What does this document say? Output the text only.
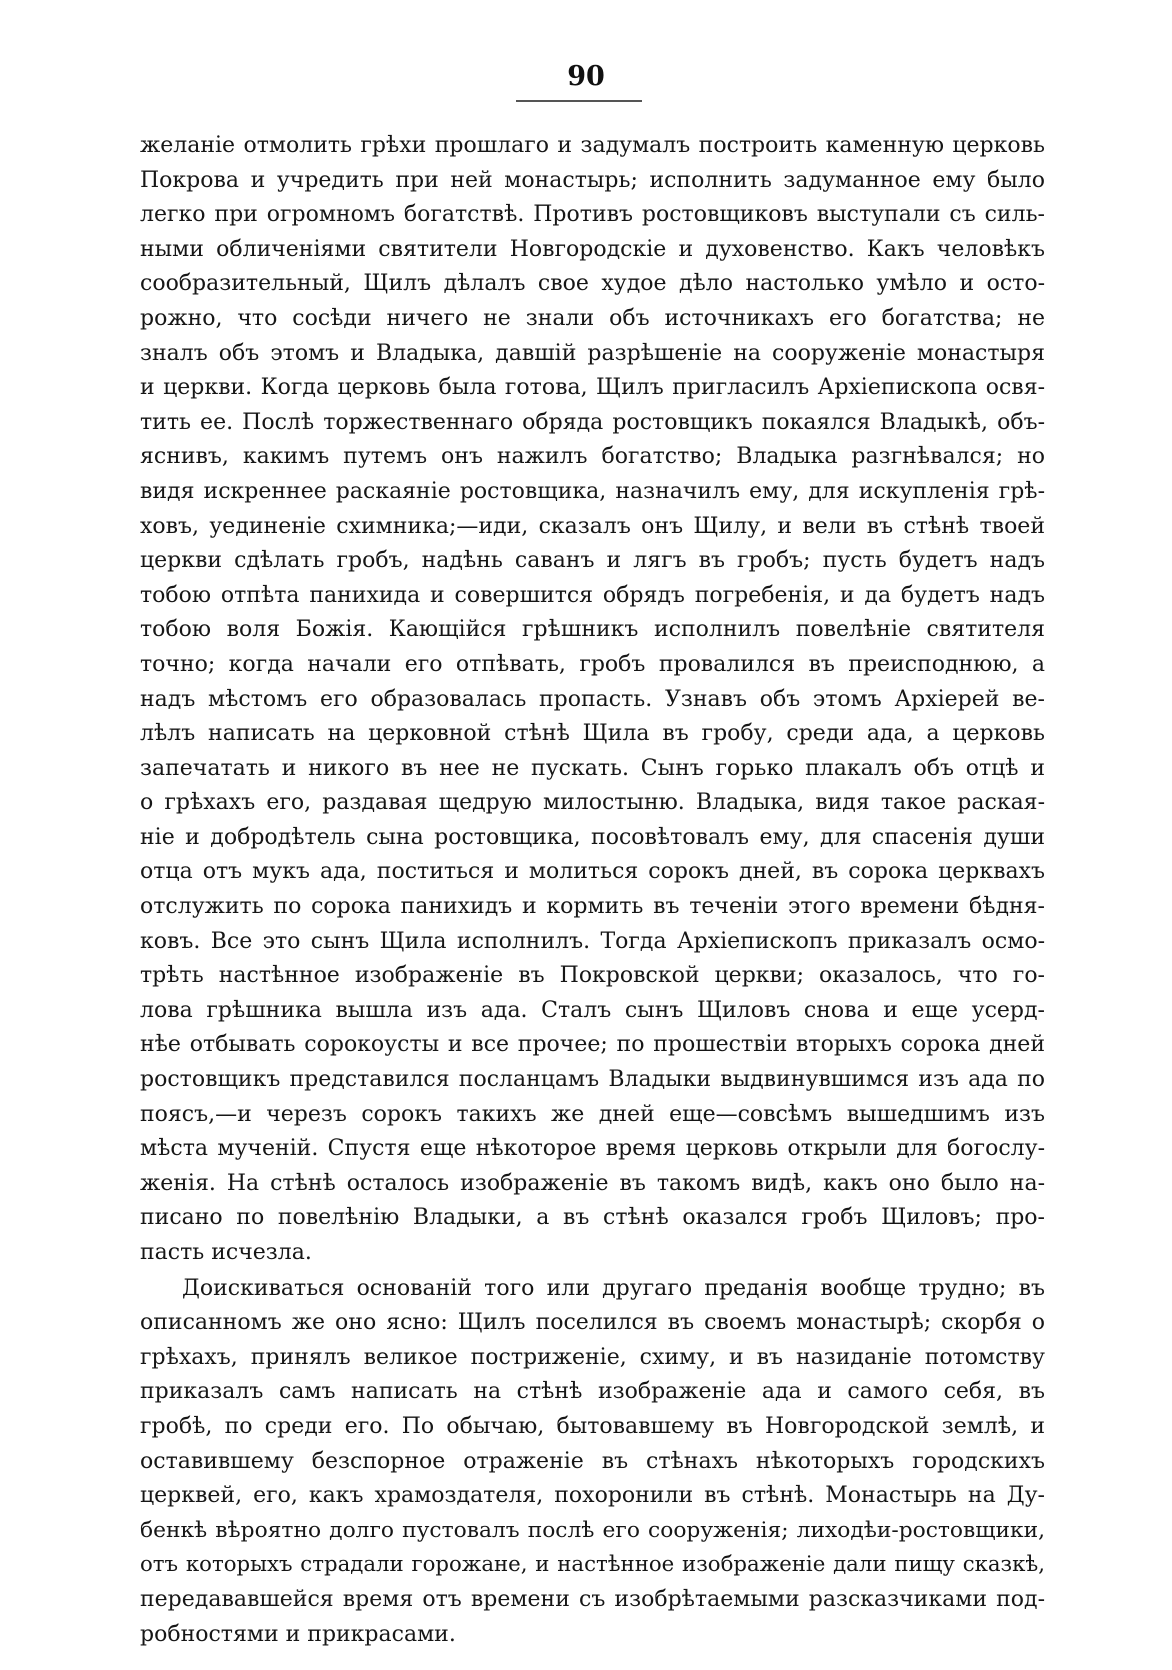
90
желаніе отмолить грѣхи прошлаго и задумалъ построить каменную церковь
Покрова и учредить при ней монастырь; исполнить задуманное ему было
легко при огромномъ богатствѣ. Противъ ростовщиковъ выступали съ силь-
ными обличеніями святители Новгородскіе и духовенство. Какъ человѣкъ
сообразительный, Щилъ дѣлалъ свое худое дѣло настолько умѣло и осто-
рожно, что сосѣди ничего не знали объ источникахъ его богатства; не
зналъ объ этомъ и Владыка, давшій разрѣшеніе на сооруженіе монастыря
и церкви. Когда церковь была готова, Щилъ пригласилъ Архіепископа освя-
тить ее. Послѣ торжественнаго обряда ростовщикъ покаялся Владыкѣ, объ-
яснивъ, какимъ путемъ онъ нажилъ богатство; Владыка разгнѣвался; но
видя искреннее раскаяніе ростовщика, назначилъ ему, для искупленія грѣ-
ховъ, уединеніе схимника;—иди, сказалъ онъ Щилу, и вели въ стѣнѣ твоей
церкви сдѣлать гробъ, надѣнь саванъ и лягъ въ гробъ; пусть будетъ надъ
тобою отпѣта панихида и совершится обрядъ погребенія, и да будетъ надъ
тобою воля Божія. Кающійся грѣшникъ исполнилъ повелѣніе святителя
точно; когда начали его отпѣвать, гробъ провалился въ преисподнюю, а
надъ мѣстомъ его образовалась пропасть. Узнавъ объ этомъ Архіерей ве-
лѣлъ написать на церковной стѣнѣ Щила въ гробу, среди ада, а церковь
запечатать и никого въ нее не пускать. Сынъ горько плакалъ объ отцѣ и
о грѣхахъ его, раздавая щедрую милостыню. Владыка, видя такое раская-
ніе и добродѣтель сына ростовщика, посовѣтовалъ ему, для спасенія души
отца отъ мукъ ада, поститься и молиться сорокъ дней, въ сорока церквахъ
отслужить по сорока панихидъ и кормить въ теченіи этого времени бѣдня-
ковъ. Все это сынъ Щила исполнилъ. Тогда Архіепископъ приказалъ осмо-
трѣть настѣнное изображеніе въ Покровской церкви; оказалось, что го-
лова грѣшника вышла изъ ада. Сталъ сынъ Щиловъ снова и еще усерд-
нѣе отбывать сорокоусты и все прочее; по прошествіи вторыхъ сорока дней
ростовщикъ представился посланцамъ Владыки выдвинувшимся изъ ада по
поясъ,—и черезъ сорокъ такихъ же дней еще—совсѣмъ вышедшимъ изъ
мѣста мученій. Спустя еще нѣкоторое время церковь открыли для богослу-
женія. На стѣнѣ осталось изображеніе въ такомъ видѣ, какъ оно было на-
писано по повелѣнію Владыки, а въ стѣнѣ оказался гробъ Щиловъ; про-
пасть исчезла.
Доискиваться основаній того или другаго преданія вообще трудно; въ
описанномъ же оно ясно: Щилъ поселился въ своемъ монастырѣ; скорбя о
грѣхахъ, принялъ великое постриженіе, схиму, и въ назиданіе потомству
приказалъ самъ написать на стѣнѣ изображеніе ада и самого себя, въ
гробѣ, по среди его. По обычаю, бытовавшему въ Новгородской землѣ, и
оставившему безспорное отраженіе въ стѣнахъ нѣкоторыхъ городскихъ
церквей, его, какъ храмоздателя, похоронили въ стѣнѣ. Монастырь на Ду-
бенкѣ вѣроятно долго пустовалъ послѣ его сооруженія; лиходѣи-ростовщики,
отъ которыхъ страдали горожане, и настѣнное изображеніе дали пищу сказкѣ,
передававшейся время отъ времени съ изобрѣтаемыми разсказчиками под-
робностями и прикрасами.
